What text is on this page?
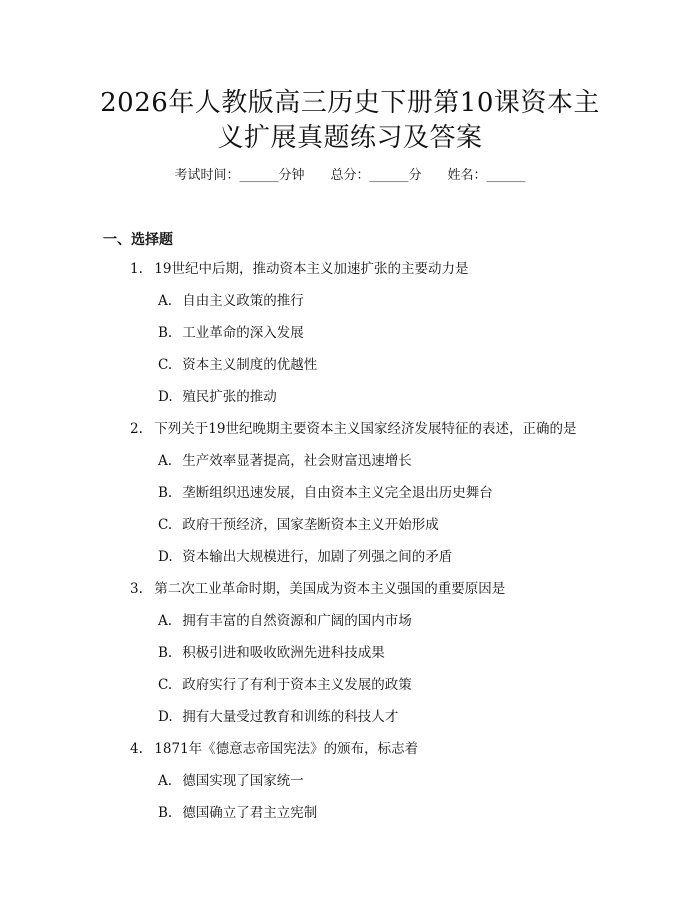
2026年人教版高三历史下册第10课资本主
义扩展真题练习及答案
考试时间：______分钟 总分：______分 姓名：______
一、选择题
1. 19世纪中后期，推动资本主义加速扩张的主要动力是
A. 自由主义政策的推行
B. 工业革命的深入发展
C. 资本主义制度的优越性
D. 殖民扩张的推动
2. 下列关于19世纪晚期主要资本主义国家经济发展特征的表述，正确的是
A. 生产效率显著提高，社会财富迅速增长
B. 垄断组织迅速发展，自由资本主义完全退出历史舞台
C. 政府干预经济，国家垄断资本主义开始形成
D. 资本输出大规模进行，加剧了列强之间的矛盾
3. 第二次工业革命时期，美国成为资本主义强国的重要原因是
A. 拥有丰富的自然资源和广阔的国内市场
B. 积极引进和吸收欧洲先进科技成果
C. 政府实行了有利于资本主义发展的政策
D. 拥有大量受过教育和训练的科技人才
4. 1871年《德意志帝国宪法》的颁布，标志着
A. 德国实现了国家统一
B. 德国确立了君主立宪制
